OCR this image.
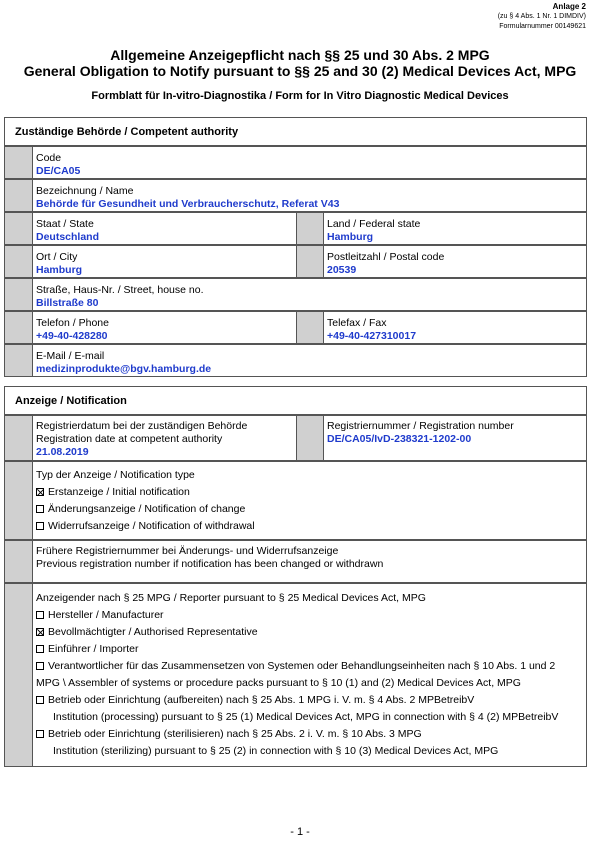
Anlage 2
(zu § 4 Abs. 1 Nr. 1 DIMDIV)
Formularnummer 00149621
Allgemeine Anzeigepflicht nach §§ 25 und 30 Abs. 2 MPG
General Obligation to Notify pursuant to §§ 25 and 30 (2) Medical Devices Act, MPG
Formblatt für In-vitro-Diagnostika / Form for In Vitro Diagnostic Medical Devices
Zuständige Behörde / Competent authority
Code
DE/CA05
Bezeichnung / Name
Behörde für Gesundheit und Verbraucherschutz, Referat V43
Staat / State
Deutschland
Land / Federal state
Hamburg
Ort / City
Hamburg
Postleitzahl / Postal code
20539
Straße, Haus-Nr. / Street, house no.
Billstraße 80
Telefon / Phone
+49-40-428280
Telefax / Fax
+49-40-427310017
E-Mail / E-mail
medizinprodukte@bgv.hamburg.de
Anzeige / Notification
Registrierdatum bei der zuständigen Behörde
Registration date at competent authority
21.08.2019
Registriernummer / Registration number
DE/CA05/IvD-238321-1202-00
Typ der Anzeige / Notification type
Erstanzeige / Initial notification
Änderungsanzeige / Notification of change
Widerrufsanzeige / Notification of withdrawal
Frühere Registriernummer bei Änderungs- und Widerrufsanzeige
Previous registration number if notification has been changed or withdrawn
Anzeigender nach § 25 MPG / Reporter pursuant to § 25 Medical Devices Act, MPG
Hersteller / Manufacturer
Bevollmächtigter / Authorised Representative
Einführer / Importer
Verantwortlicher für das Zusammensetzen von Systemen oder Behandlungseinheiten nach § 10 Abs. 1 und 2
MPG \ Assembler of systems or procedure packs pursuant to § 10 (1) and (2) Medical Devices Act, MPG
Betrieb oder Einrichtung (aufbereiten) nach § 25 Abs. 1 MPG i. V. m. § 4 Abs. 2 MPBetreibV
Institution (processing) pursuant to § 25 (1) Medical Devices Act, MPG in connection with § 4 (2) MPBetreibV
Betrieb oder Einrichtung (sterilisieren) nach § 25 Abs. 2 i. V. m. § 10 Abs. 3 MPG
Institution (sterilizing) pursuant to § 25 (2) in connection with § 10 (3) Medical Devices Act, MPG
- 1 -
